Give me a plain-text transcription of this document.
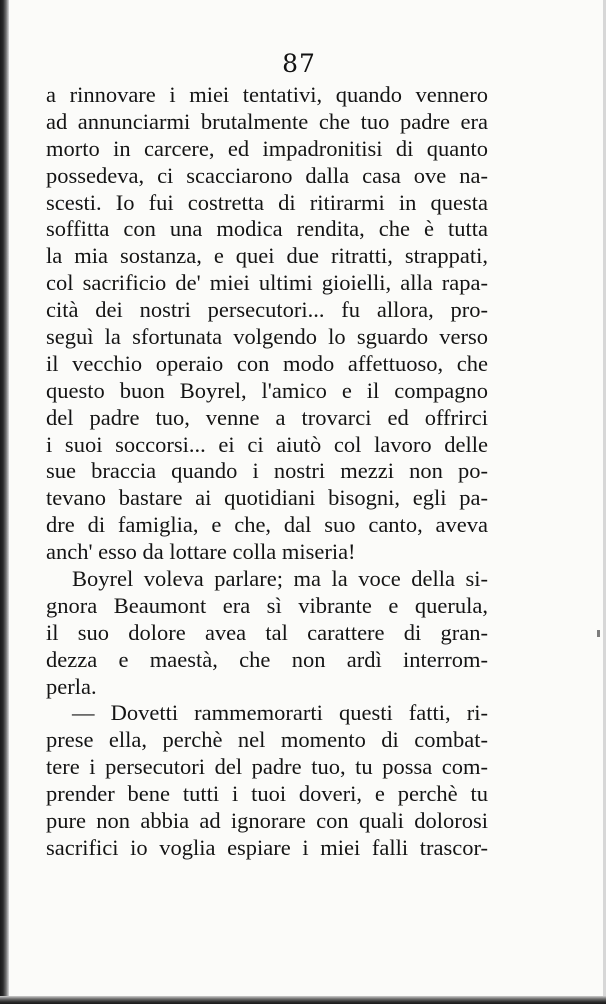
87
a rinnovare i miei tentativi, quando vennero
ad annunciarmi brutalmente che tuo padre era
morto in carcere, ed impadronitisi di quanto
possedeva, ci scacciarono dalla casa ove na-
scesti. Io fui costretta di ritirarmi in questa
soffitta con una modica rendita, che è tutta
la mia sostanza, e quei due ritratti, strappati,
col sacrificio de' miei ultimi gioielli, alla rapa-
cità dei nostri persecutori... fu allora, pro-
seguì la sfortunata volgendo lo sguardo verso
il vecchio operaio con modo affettuoso, che
questo buon Boyrel, l'amico e il compagno
del padre tuo, venne a trovarci ed offrirci
i suoi soccorsi... ei ci aiutò col lavoro delle
sue braccia quando i nostri mezzi non po-
tevano bastare ai quotidiani bisogni, egli pa-
dre di famiglia, e che, dal suo canto, aveva
anch' esso da lottare colla miseria!
Boyrel voleva parlare; ma la voce della si-
gnora Beaumont era sì vibrante e querula,
il suo dolore avea tal carattere di gran-
dezza e maestà, che non ardì interrom-
perla.
— Dovetti rammemorarti questi fatti, ri-
prese ella, perchè nel momento di combat-
tere i persecutori del padre tuo, tu possa com-
prender bene tutti i tuoi doveri, e perchè tu
pure non abbia ad ignorare con quali dolorosi
sacrifici io voglia espiare i miei falli trascor-
